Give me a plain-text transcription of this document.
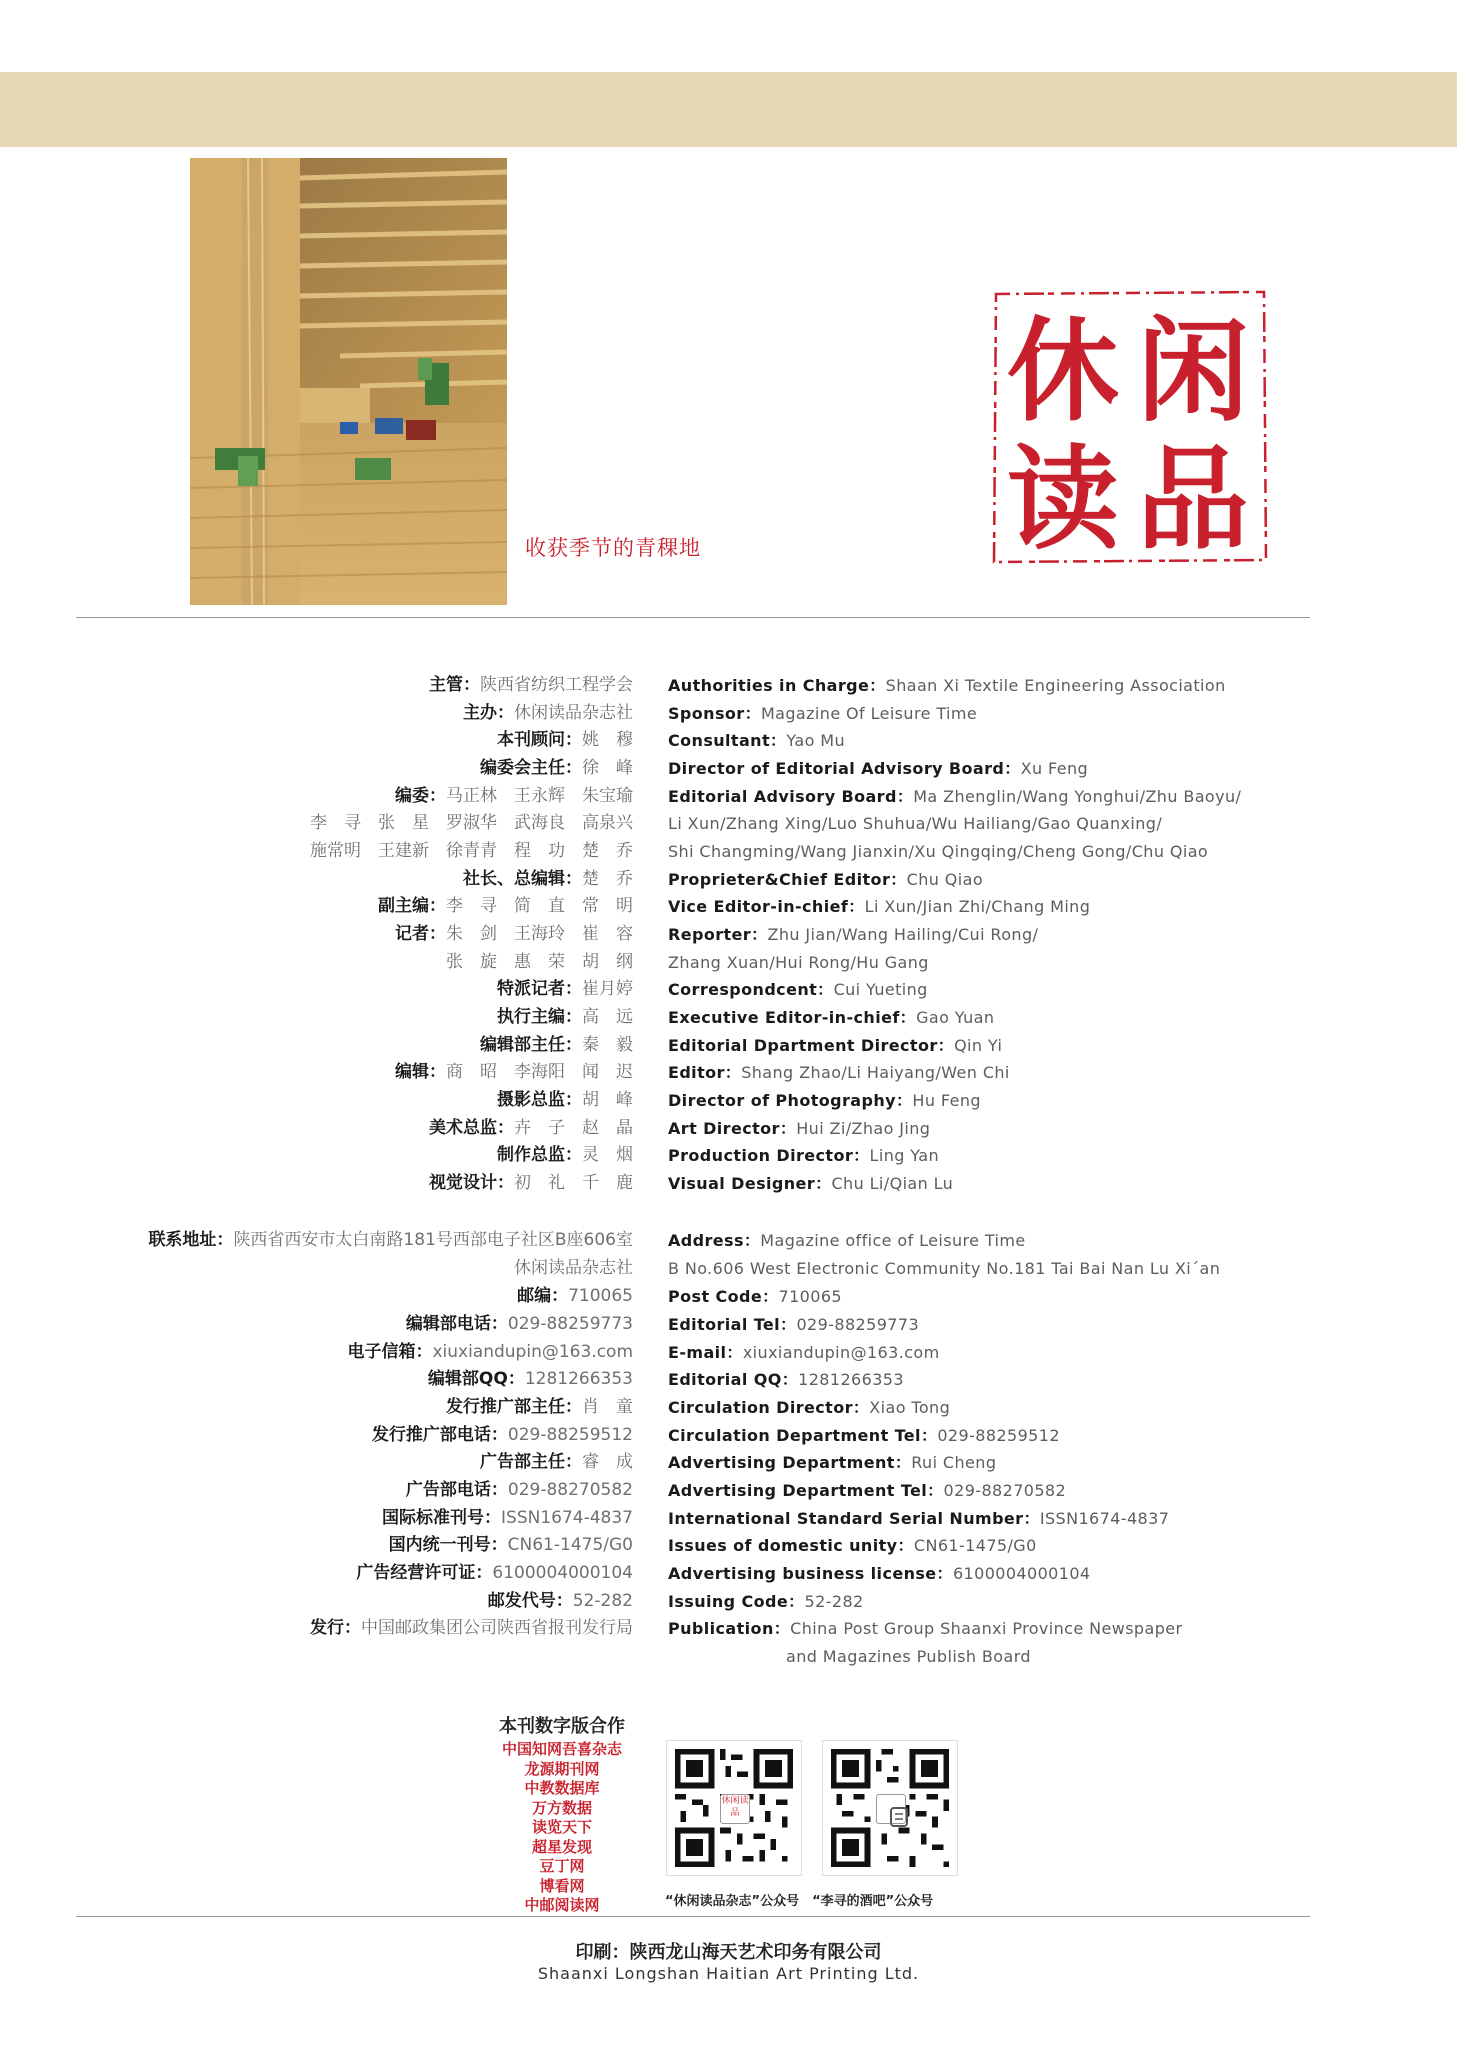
收获季节的青稞地
休 闲
读 品
主管：陕西省纺织工程学会
主办：休闲读品杂志社
本刊顾问：姚　穆
编委会主任：徐　峰
编委：马正林　王永辉　朱宝瑜
李　寻　张　星　罗淑华　武海良　高泉兴
施常明　王建新　徐青青　程　功　楚　乔
社长、总编辑：楚　乔
副主编：李　寻　简　直　常　明
记者：朱　剑　王海玲　崔　容
张　旋　惠　荣　胡　纲
特派记者：崔月婷
执行主编：高　远
编辑部主任：秦　毅
编辑：商　昭　李海阳　闻　迟
摄影总监：胡　峰
美术总监：卉　子　赵　晶
制作总监：灵　烟
视觉设计：初　礼　千　鹿
Authorities in Charge：Shaan Xi Textile Engineering Association
Sponsor：Magazine Of Leisure Time
Consultant：Yao Mu
Director of Editorial Advisory Board：Xu Feng
Editorial Advisory Board：Ma Zhenglin/Wang Yonghui/Zhu Baoyu/
Li Xun/Zhang Xing/Luo Shuhua/Wu Hailiang/Gao Quanxing/
Shi Changming/Wang Jianxin/Xu Qingqing/Cheng Gong/Chu Qiao
Proprieter&Chief Editor：Chu Qiao
Vice Editor-in-chief：Li Xun/Jian Zhi/Chang Ming
Reporter：Zhu Jian/Wang Hailing/Cui Rong/
Zhang Xuan/Hui Rong/Hu Gang
Correspondcent：Cui Yueting
Executive Editor-in-chief：Gao Yuan
Editorial Dpartment Director：Qin Yi
Editor：Shang Zhao/Li Haiyang/Wen Chi
Director of Photography：Hu Feng
Art Director：Hui Zi/Zhao Jing
Production Director：Ling Yan
Visual Designer：Chu Li/Qian Lu
联系地址：陕西省西安市太白南路181号西部电子社区B座606室
休闲读品杂志社
邮编：710065
编辑部电话：029-88259773
电子信箱：xiuxiandupin@163.com
编辑部QQ：1281266353
发行推广部主任：肖　童
发行推广部电话：029-88259512
广告部主任：睿　成
广告部电话：029-88270582
国际标准刊号：ISSN1674-4837
国内统一刊号：CN61-1475/G0
广告经营许可证：6100004000104
邮发代号：52-282
发行：中国邮政集团公司陕西省报刊发行局
Address：Magazine office of Leisure Time
B No.606 West Electronic Community No.181 Tai Bai Nan Lu Xi´an
Post Code：710065
Editorial Tel：029-88259773
E-mail：xiuxiandupin@163.com
Editorial QQ：1281266353
Circulation Director：Xiao Tong
Circulation Department Tel：029-88259512
Advertising Department：Rui Cheng
Advertising Department Tel：029-88270582
International Standard Serial Number：ISSN1674-4837
Issues of domestic unity：CN61-1475/G0
Advertising business license：6100004000104
Issuing Code：52-282
Publication：China Post Group Shaanxi Province Newspaper
and Magazines Publish Board
本刊数字版合作
中国知网吾喜杂志
龙源期刊网
中教数据库
万方数据
读览天下
超星发现
豆丁网
博看网
中邮阅读网
休闲读品
“休闲读品杂志”公众号　“李寻的酒吧”公众号
印刷：陕西龙山海天艺术印务有限公司
Shaanxi Longshan Haitian Art Printing Ltd.
